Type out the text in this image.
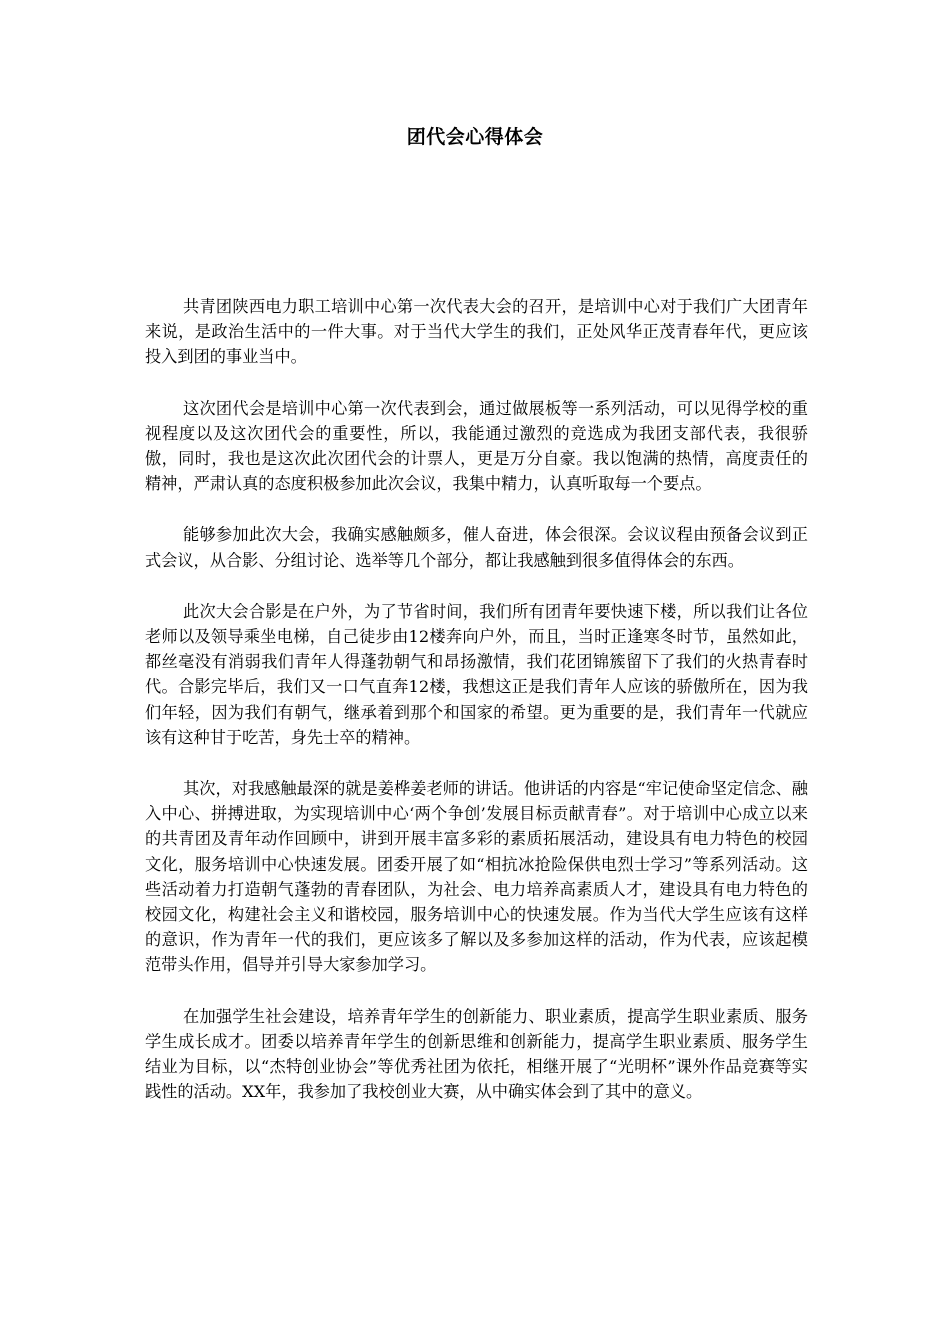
团代会心得体会

共青团陕西电力职工培训中心第一次代表大会的召开，是培训中心对于我们广大团青年来说，是政治生活中的一件大事。对于当代大学生的我们，正处风华正茂青春年代，更应该投入到团的事业当中。

这次团代会是培训中心第一次代表到会，通过做展板等一系列活动，可以见得学校的重视程度以及这次团代会的重要性，所以，我能通过激烈的竞选成为我团支部代表，我很骄傲，同时，我也是这次此次团代会的计票人，更是万分自豪。我以饱满的热情，高度责任的精神，严肃认真的态度积极参加此次会议，我集中精力，认真听取每一个要点。

能够参加此次大会，我确实感触颇多，催人奋进，体会很深。会议议程由预备会议到正式会议，从合影、分组讨论、选举等几个部分，都让我感触到很多值得体会的东西。

此次大会合影是在户外，为了节省时间，我们所有团青年要快速下楼，所以我们让各位老师以及领导乘坐电梯，自己徒步由12楼奔向户外，而且，当时正逢寒冬时节，虽然如此，都丝毫没有消弱我们青年人得蓬勃朝气和昂扬激情，我们花团锦簇留下了我们的火热青春时代。合影完毕后，我们又一口气直奔12楼，我想这正是我们青年人应该的骄傲所在，因为我们年轻，因为我们有朝气，继承着到那个和国家的希望。更为重要的是，我们青年一代就应该有这种甘于吃苦，身先士卒的精神。

其次，对我感触最深的就是姜桦姜老师的讲话。他讲话的内容是“牢记使命坚定信念、融入中心、拼搏进取，为实现培训中心‘两个争创’发展目标贡献青春”。对于培训中心成立以来的共青团及青年动作回顾中，讲到开展丰富多彩的素质拓展活动，建设具有电力特色的校园文化，服务培训中心快速发展。团委开展了如“相抗冰抢险保供电烈士学习”等系列活动。这些活动着力打造朝气蓬勃的青春团队，为社会、电力培养高素质人才，建设具有电力特色的校园文化，构建社会主义和谐校园，服务培训中心的快速发展。作为当代大学生应该有这样的意识，作为青年一代的我们，更应该多了解以及多参加这样的活动，作为代表，应该起模范带头作用，倡导并引导大家参加学习。

在加强学生社会建设，培养青年学生的创新能力、职业素质，提高学生职业素质、服务学生成长成才。团委以培养青年学生的创新思维和创新能力，提高学生职业素质、服务学生结业为目标，以“杰特创业协会”等优秀社团为依托，相继开展了“光明杯”课外作品竞赛等实践性的活动。XX年，我参加了我校创业大赛，从中确实体会到了其中的意义。
